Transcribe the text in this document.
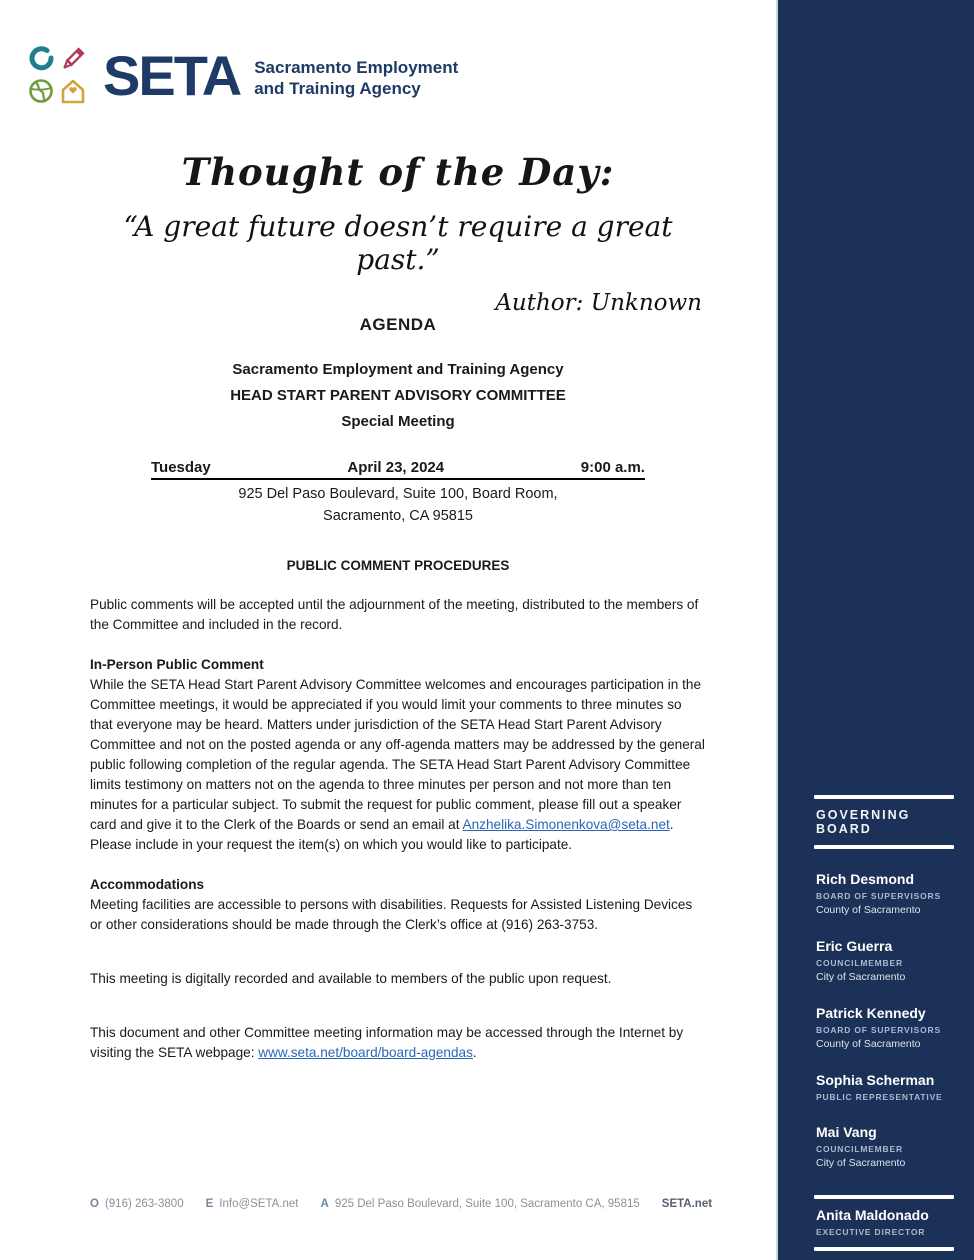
SETA Sacramento Employment
and Training Agency
Thought of the Day:
“A great future doesn’t require a great past.”
Author: Unknown
AGENDA
Sacramento Employment and Training Agency
HEAD START PARENT ADVISORY COMMITTEE
Special Meeting
Tuesday	April 23, 2024	9:00 a.m.
925 Del Paso Boulevard, Suite 100, Board Room,
Sacramento, CA 95815
PUBLIC COMMENT PROCEDURES
Public comments will be accepted until the adjournment of the meeting, distributed to the members of the Committee and included in the record.
In-Person Public Comment
While the SETA Head Start Parent Advisory Committee welcomes and encourages participation in the Committee meetings, it would be appreciated if you would limit your comments to three minutes so that everyone may be heard. Matters under jurisdiction of the SETA Head Start Parent Advisory Committee and not on the posted agenda or any off-agenda matters may be addressed by the general public following completion of the regular agenda. The SETA Head Start Parent Advisory Committee limits testimony on matters not on the agenda to three minutes per person and not more than ten minutes for a particular subject. To submit the request for public comment, please fill out a speaker card and give it to the Clerk of the Boards or send an email at Anzhelika.Simonenkova@seta.net. Please include in your request the item(s) on which you would like to participate.
Accommodations
Meeting facilities are accessible to persons with disabilities. Requests for Assisted Listening Devices or other considerations should be made through the Clerk’s office at (916) 263-3753.
This meeting is digitally recorded and available to members of the public upon request.
This document and other Committee meeting information may be accessed through the Internet by visiting the SETA webpage: www.seta.net/board/board-agendas.
O (916) 263-3800 E Info@SETA.net A 925 Del Paso Boulevard, Suite 100, Sacramento CA, 95815 SETA.net
GOVERNING BOARD
Rich Desmond
BOARD OF SUPERVISORS
County of Sacramento
Eric Guerra
COUNCILMEMBER
City of Sacramento
Patrick Kennedy
BOARD OF SUPERVISORS
County of Sacramento
Sophia Scherman
PUBLIC REPRESENTATIVE
Mai Vang
COUNCILMEMBER
City of Sacramento
Anita Maldonado
EXECUTIVE DIRECTOR
